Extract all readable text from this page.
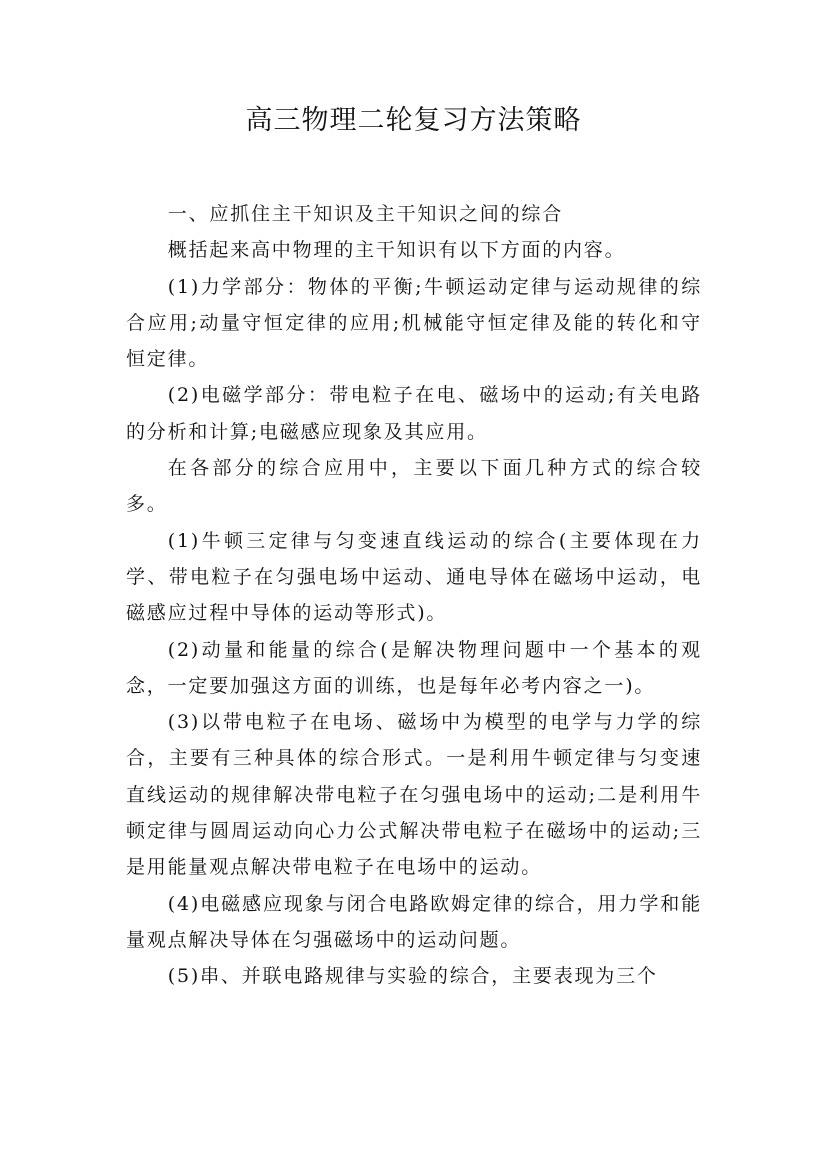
高三物理二轮复习方法策略

一、应抓住主干知识及主干知识之间的综合

概括起来高中物理的主干知识有以下方面的内容。

(1)力学部分：物体的平衡;牛顿运动定律与运动规律的综合应用;动量守恒定律的应用;机械能守恒定律及能的转化和守恒定律。

(2)电磁学部分：带电粒子在电、磁场中的运动;有关电路的分析和计算;电磁感应现象及其应用。

在各部分的综合应用中，主要以下面几种方式的综合较多。

(1)牛顿三定律与匀变速直线运动的综合(主要体现在力学、带电粒子在匀强电场中运动、通电导体在磁场中运动，电磁感应过程中导体的运动等形式)。

(2)动量和能量的综合(是解决物理问题中一个基本的观念，一定要加强这方面的训练，也是每年必考内容之一)。

(3)以带电粒子在电场、磁场中为模型的电学与力学的综合，主要有三种具体的综合形式。一是利用牛顿定律与匀变速直线运动的规律解决带电粒子在匀强电场中的运动;二是利用牛顿定律与圆周运动向心力公式解决带电粒子在磁场中的运动;三是用能量观点解决带电粒子在电场中的运动。

(4)电磁感应现象与闭合电路欧姆定律的综合，用力学和能量观点解决导体在匀强磁场中的运动问题。

(5)串、并联电路规律与实验的综合，主要表现为三个
